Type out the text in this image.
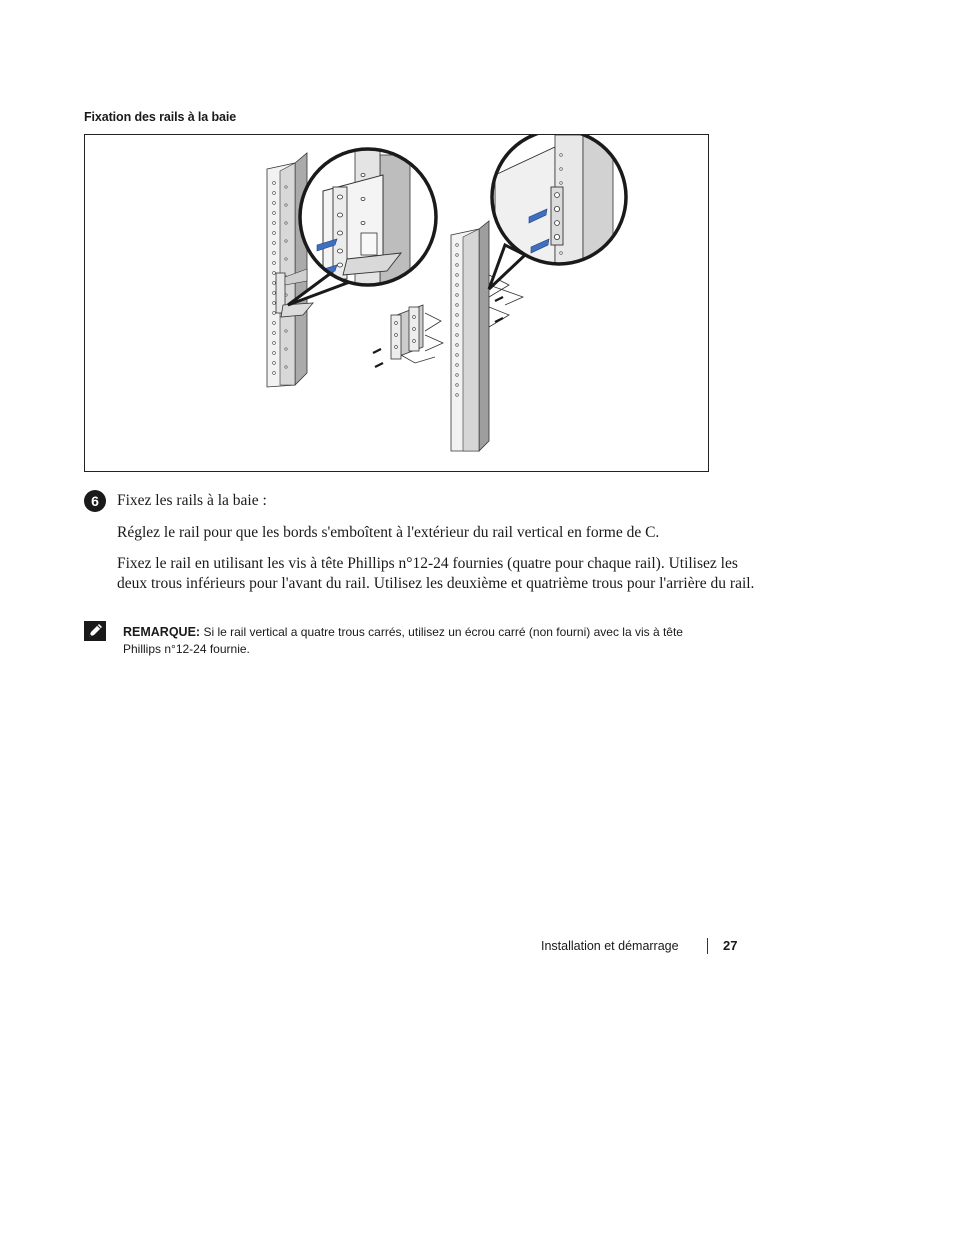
Fixation des rails à la baie
6	Fixez les rails à la baie :
Réglez le rail pour que les bords s'emboîtent à l'extérieur du rail vertical en forme de C.
Fixez le rail en utilisant les vis à tête Phillips n°12-24 fournies (quatre pour chaque rail). Utilisez les deux trous inférieurs pour l'avant du rail. Utilisez les deuxième et quatrième trous pour l'arrière du rail.
REMARQUE: Si le rail vertical a quatre trous carrés, utilisez un écrou carré (non fourni) avec la vis à tête Phillips n°12-24 fournie.
Installation et démarrage	27
